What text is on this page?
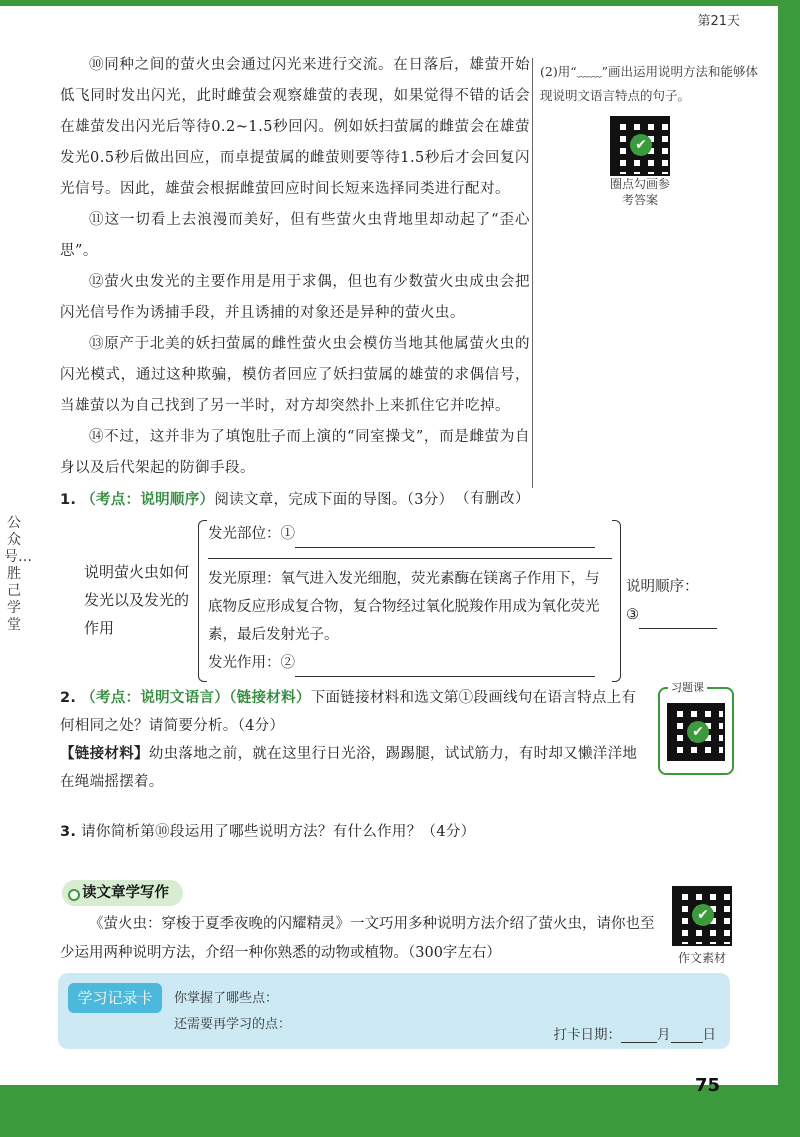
第21天

⑩同种之间的萤火虫会通过闪光来进行交流。在日落后，雄萤开始低飞同时发出闪光，此时雌萤会观察雄萤的表现，如果觉得不错的话会在雄萤发出闪光后等待0.2~1.5秒回闪。例如妖扫萤属的雌萤会在雄萤发光0.5秒后做出回应，而卓提萤属的雌萤则要等待1.5秒后才会回复闪光信号。因此，雄萤会根据雌萤回应时间长短来选择同类进行配对。

⑪这一切看上去浪漫而美好，但有些萤火虫背地里却动起了“歪心思”。

⑫萤火虫发光的主要作用是用于求偶，但也有少数萤火虫成虫会把闪光信号作为诱捕手段，并且诱捕的对象还是异种的萤火虫。

⑬原产于北美的妖扫萤属的雌性萤火虫会模仿当地其他属萤火虫的闪光模式，通过这种欺骗，模仿者回应了妖扫萤属的雄萤的求偶信号，当雄萤以为自己找到了另一半时，对方却突然扑上来抓住它并吃掉。

⑭不过，这并非为了填饱肚子而上演的“同室操戈”，而是雌萤为自身以及后代架起的防御手段。

（有删改）

(2)用“﹏﹏”画出运用说明方法和能够体现说明文语言特点的句子。
✔
圈点勾画参考答案
公众号…胜己学堂
1. （考点：说明顺序）阅读文章，完成下面的导图。（3分）
说明萤火虫如何发光以及发光的作用
发光部位：①
发光原理：氧气进入发光细胞，荧光素酶在镁离子作用下，与底物反应形成复合物，复合物经过氧化脱羧作用成为氧化荧光素，最后发射光子。
发光作用：②
说明顺序：
③
2. （考点：说明文语言）（链接材料）下面链接材料和选文第①段画线句在语言特点上有何相同之处？请简要分析。（4分）
【链接材料】幼虫落地之前，就在这里行日光浴，踢踢腿，试试筋力，有时却又懒洋洋地在绳端摇摆着。
习题课
✔
3. 请你简析第⑩段运用了哪些说明方法？有什么作用？（4分）
读文章学写作

《萤火虫：穿梭于夏季夜晚的闪耀精灵》一文巧用多种说明方法介绍了萤火虫，请你也至少运用两种说明方法，介绍一种你熟悉的动物或植物。（300字左右）

✔
作文素材
学习记录卡	你掌握了哪些点：
还需要再学习的点：
打卡日期：	月 日
75
